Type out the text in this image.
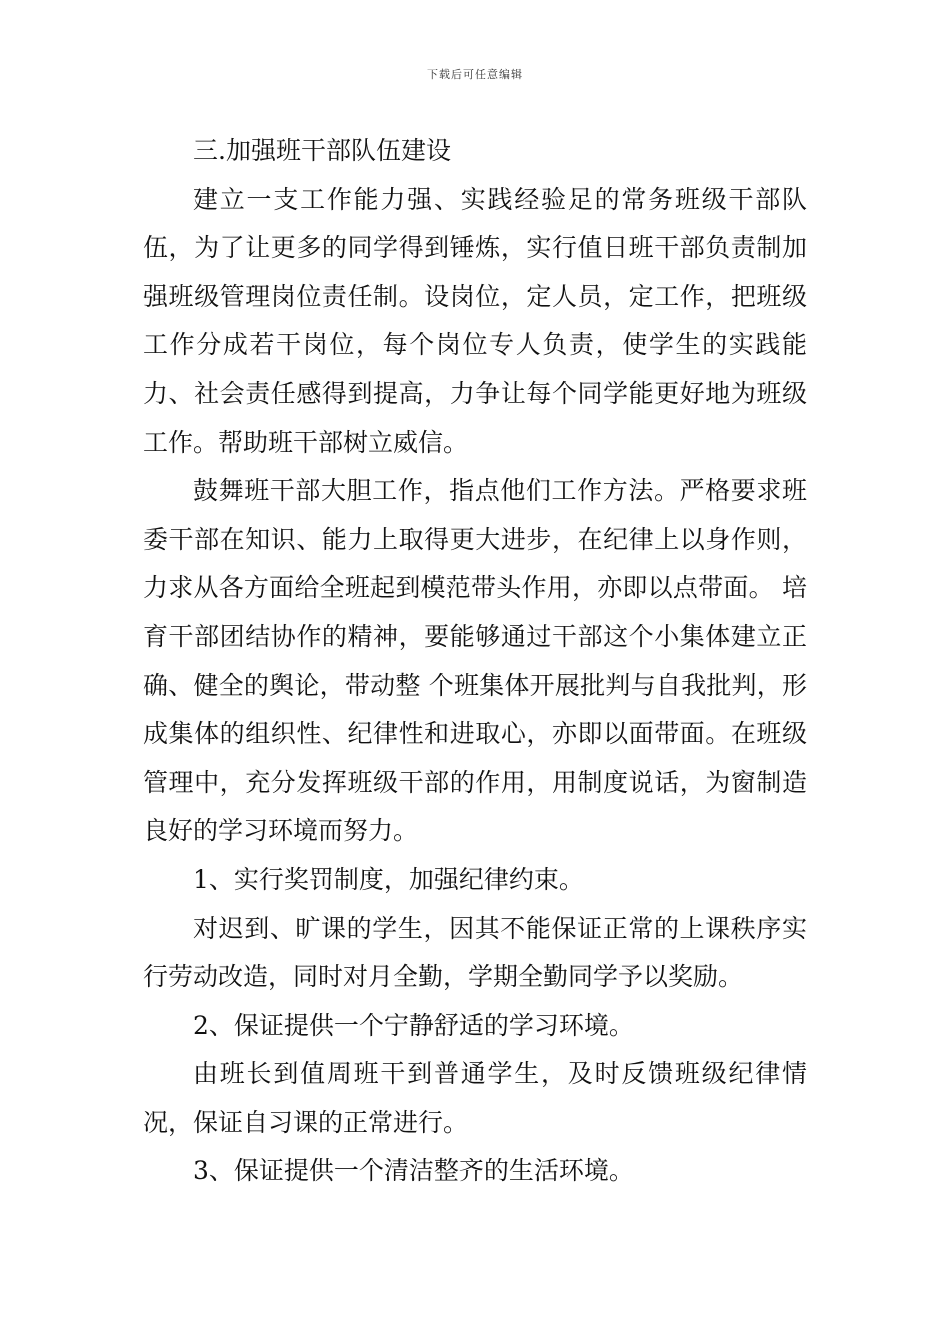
下载后可任意编辑

三.加强班干部队伍建设

建立一支工作能力强、实践经验足的常务班级干部队伍，为了让更多的同学得到锤炼，实行值日班干部负责制加强班级管理岗位责任制。设岗位，定人员，定工作，把班级工作分成若干岗位，每个岗位专人负责，使学生的实践能力、社会责任感得到提高，力争让每个同学能更好地为班级工作。帮助班干部树立威信。

鼓舞班干部大胆工作，指点他们工作方法。严格要求班委干部在知识、能力上取得更大进步，在纪律上以身作则，力求从各方面给全班起到模范带头作用，亦即以点带面。 培育干部团结协作的精神，要能够通过干部这个小集体建立正确、健全的舆论，带动整 个班集体开展批判与自我批判，形成集体的组织性、纪律性和进取心，亦即以面带面。在班级管理中，充分发挥班级干部的作用，用制度说话，为窗制造良好的学习环境而努力。

1、实行奖罚制度，加强纪律约束。

对迟到、旷课的学生，因其不能保证正常的上课秩序实行劳动改造，同时对月全勤，学期全勤同学予以奖励。

2、保证提供一个宁静舒适的学习环境。

由班长到值周班干到普通学生，及时反馈班级纪律情况，保证自习课的正常进行。

3、保证提供一个清洁整齐的生活环境。
